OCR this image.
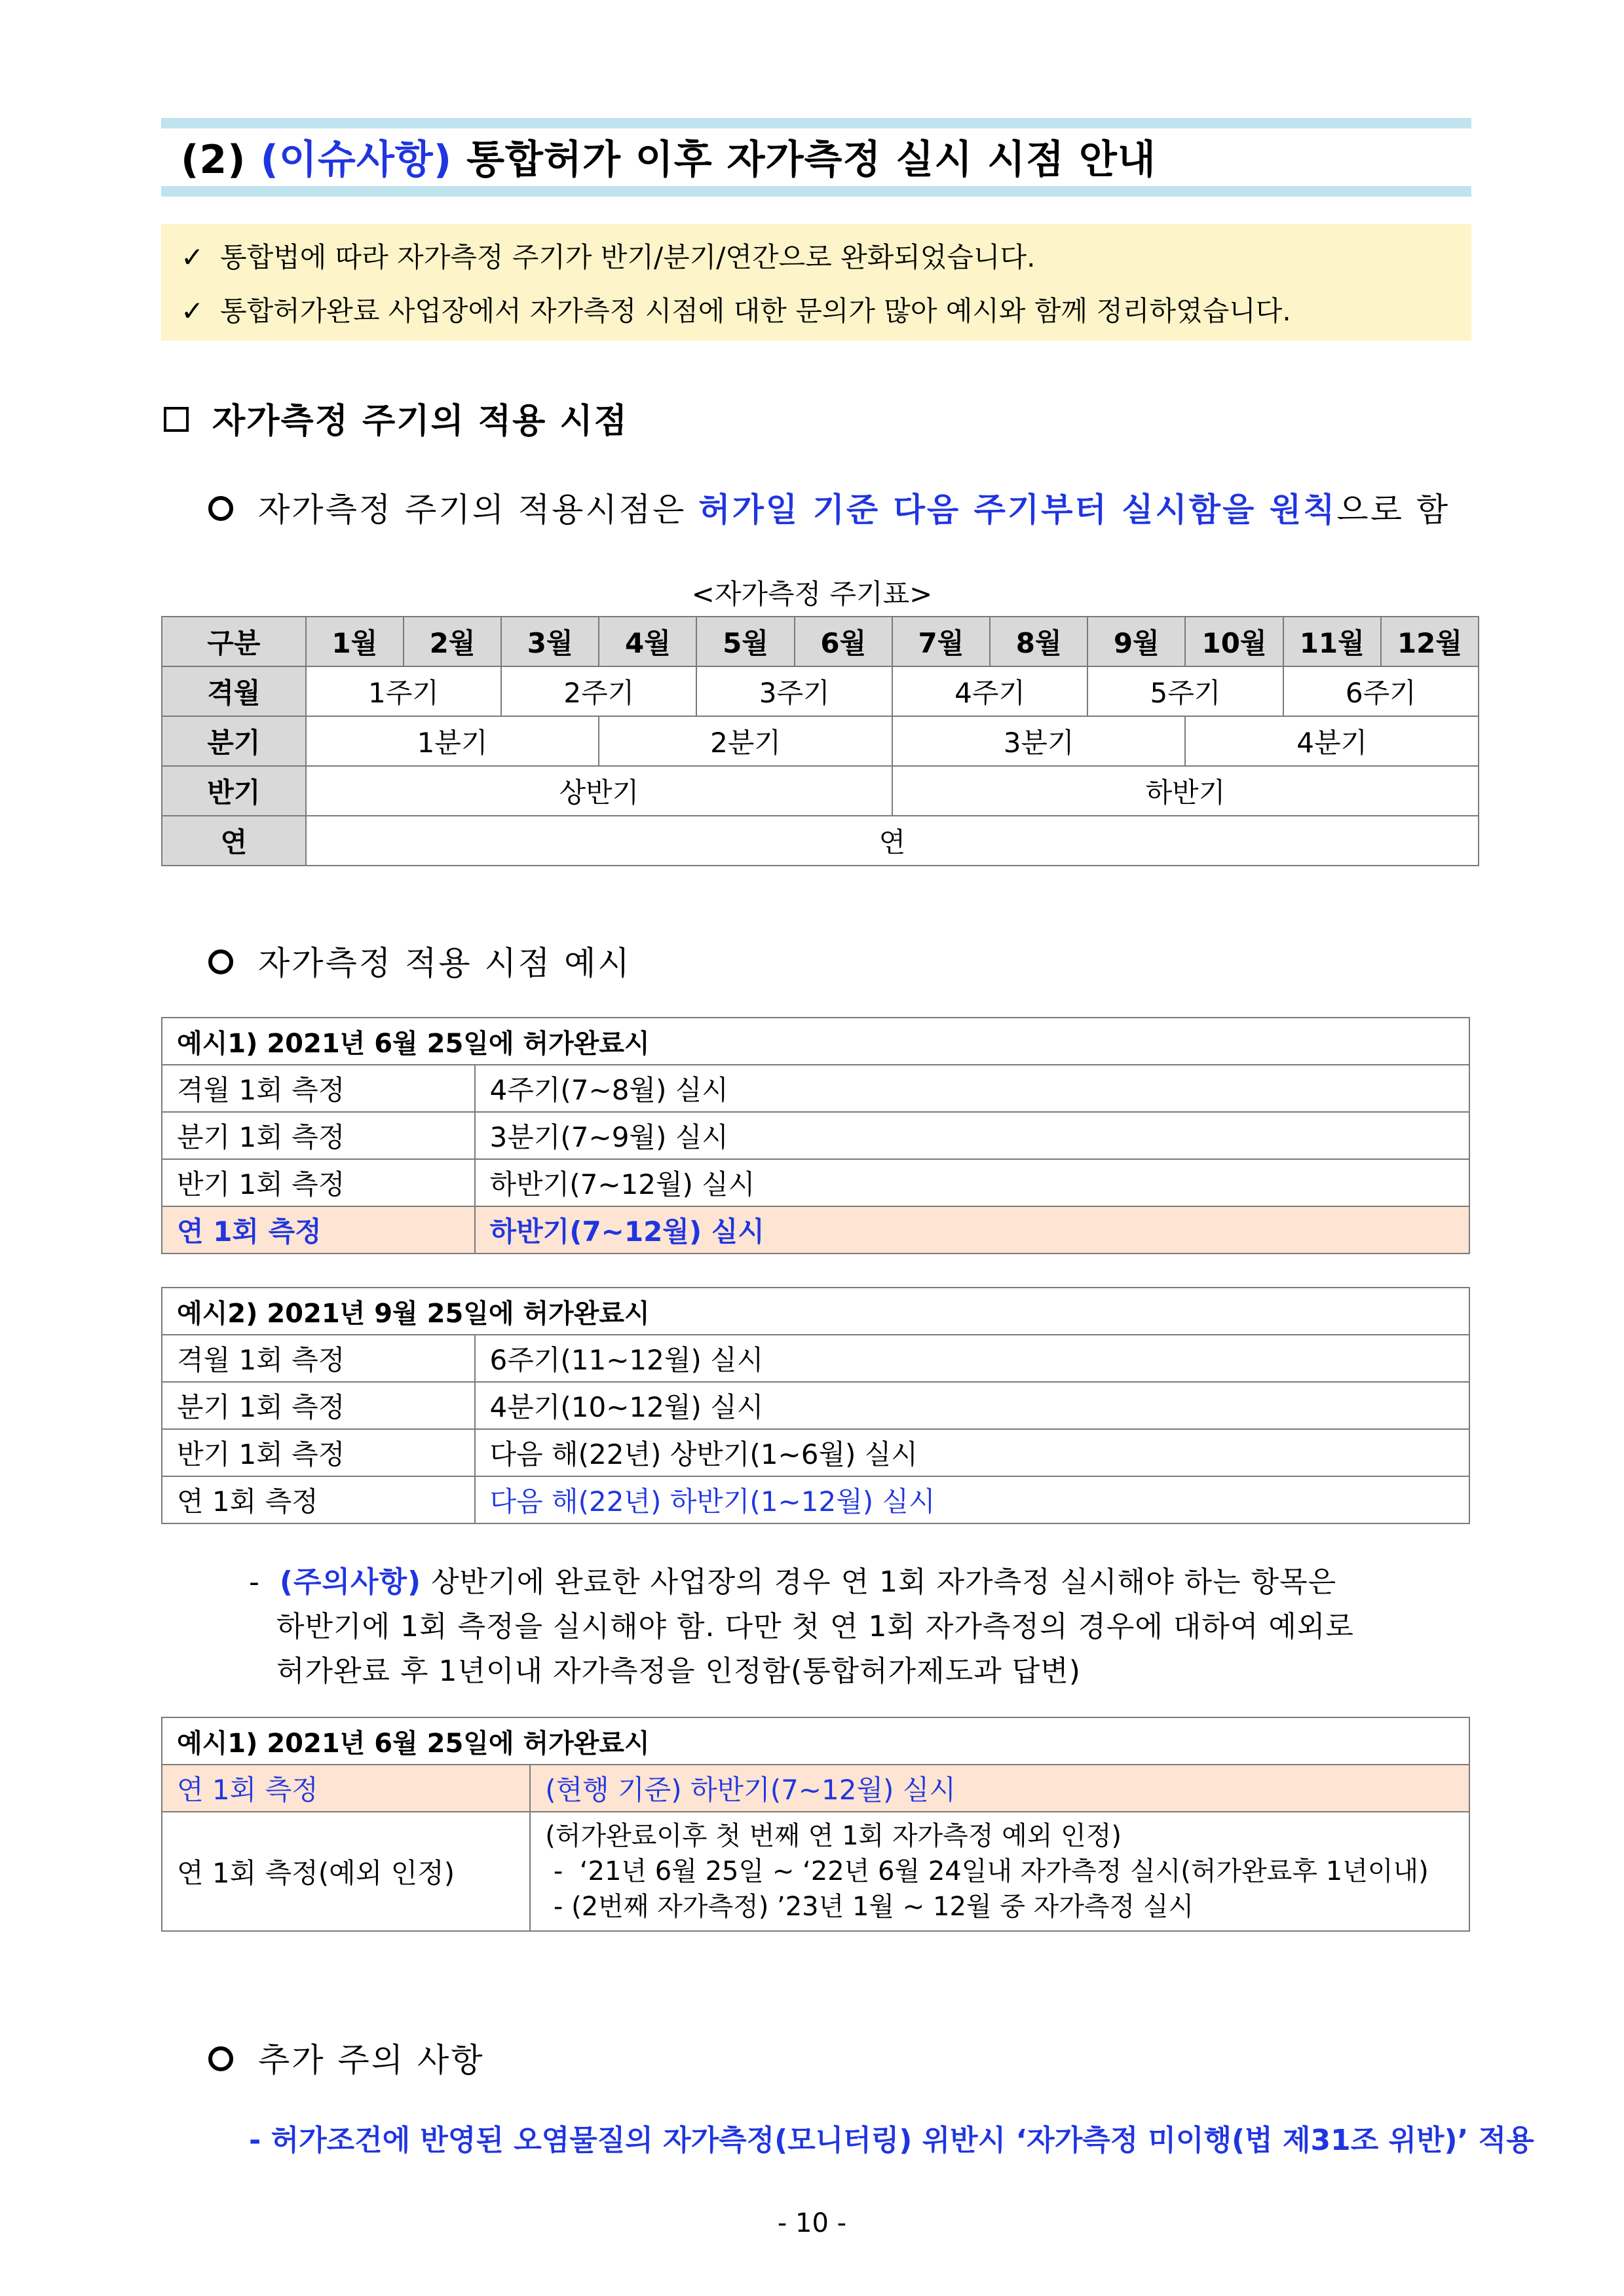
(2) (이슈사항) 통합허가 이후 자가측정 실시 시점 안내
✓ 통합법에 따라 자가측정 주기가 반기/분기/연간으로 완화되었습니다.
✓ 통합허가완료 사업장에서 자가측정 시점에 대한 문의가 많아 예시와 함께 정리하였습니다.
자가측정 주기의 적용 시점
자가측정 주기의 적용시점은 허가일 기준 다음 주기부터 실시함을 원칙으로 함
<자가측정 주기표>
구분	1월	2월	3월	4월	5월	6월	7월	8월	9월	10월	11월	12월
격월	1주기		2주기		3주기		4주기		5주기		6주기	
분기	1분기			2분기			3분기			4분기		
반기	상반기						하반기					
연	연											
자가측정 적용 시점 예시
예시1) 2021년 6월 25일에 허가완료시	
격월 1회 측정	4주기(7~8월) 실시
분기 1회 측정	3분기(7~9월) 실시
반기 1회 측정	하반기(7~12월) 실시
연 1회 측정	하반기(7~12월) 실시
예시2) 2021년 9월 25일에 허가완료시	
격월 1회 측정	6주기(11~12월) 실시
분기 1회 측정	4분기(10~12월) 실시
반기 1회 측정	다음 해(22년) 상반기(1~6월) 실시
연 1회 측정	다음 해(22년) 하반기(1~12월) 실시
- (주의사항) 상반기에 완료한 사업장의 경우 연 1회 자가측정 실시해야 하는 항목은
하반기에 1회 측정을 실시해야 함. 다만 첫 연 1회 자가측정의 경우에 대하여 예외로
허가완료 후 1년이내 자가측정을 인정함(통합허가제도과 답변)
예시1) 2021년 6월 25일에 허가완료시	
연 1회 측정	(현행 기준) 하반기(7~12월) 실시
연 1회 측정(예외 인정)	(허가완료이후 첫 번째 연 1회 자가측정 예외 인정)
-  ‘21년 6월 25일 ~ ‘22년 6월 24일내 자가측정 실시(허가완료후 1년이내)
- (2번째 자가측정) ’23년 1월 ~ 12월 중 자가측정 실시
추가 주의 사항
- 허가조건에 반영된 오염물질의 자가측정(모니터링) 위반시 ‘자가측정 미이행(법 제31조 위반)’ 적용
- 10 -
